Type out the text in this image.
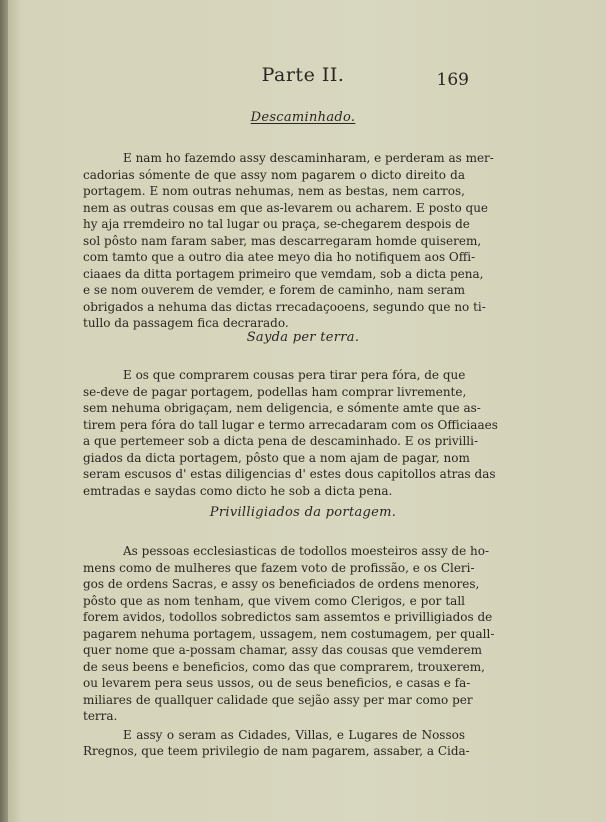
Parte II.	169
Descaminhado.
E nam ho fazemdo assy descaminharam, e perderam as mer-
cadorias sómente de que assy nom pagarem o dicto direito da
portagem. E nom outras nehumas, nem as bestas, nem carros,
nem as outras cousas em que as-levarem ou acharem. E posto que
hy aja rremdeiro no tal lugar ou praça, se-chegarem despois de
sol pôsto nam faram saber, mas descarregaram homde quiserem,
com tamto que a outro dia atee meyo dia ho notifiquem aos Offi-
ciaaes da ditta portagem primeiro que vemdam, sob a dicta pena,
e se nom ouverem de vemder, e forem de caminho, nam seram
obrigados a nehuma das dictas rrecadaçooens, segundo que no ti-
tullo da passagem fica decrarado.
Sayda per terra.
E os que comprarem cousas pera tirar pera fóra, de que
se-deve de pagar portagem, podellas ham comprar livremente,
sem nehuma obrigaçam, nem deligencia, e sómente amte que as-
tirem pera fóra do tall lugar e termo arrecadaram com os Officiaaes
a que pertemeer sob a dicta pena de descaminhado. E os privilli-
giados da dicta portagem, pôsto que a nom ajam de pagar, nom
seram escusos d' estas diligencias d' estes dous capitollos atras das
emtradas e saydas como dicto he sob a dicta pena.
Privilligiados da portagem.
As pessoas ecclesiasticas de todollos moesteiros assy de ho-
mens como de mulheres que fazem voto de profissão, e os Cleri-
gos de ordens Sacras, e assy os beneficiados de ordens menores,
pôsto que as nom tenham, que vivem como Clerigos, e por tall
forem avidos, todollos sobredictos sam assemtos e privilligiados de
pagarem nehuma portagem, ussagem, nem costumagem, per quall-
quer nome que a-possam chamar, assy das cousas que vemderem
de seus beens e beneficios, como das que comprarem, trouxerem,
ou levarem pera seus ussos, ou de seus beneficios, e casas e fa-
miliares de quallquer calidade que sejão assy per mar como per
terra.
E assy o seram as Cidades, Villas, e Lugares de Nossos
Rregnos, que teem privilegio de nam pagarem, assaber, a Cida-
